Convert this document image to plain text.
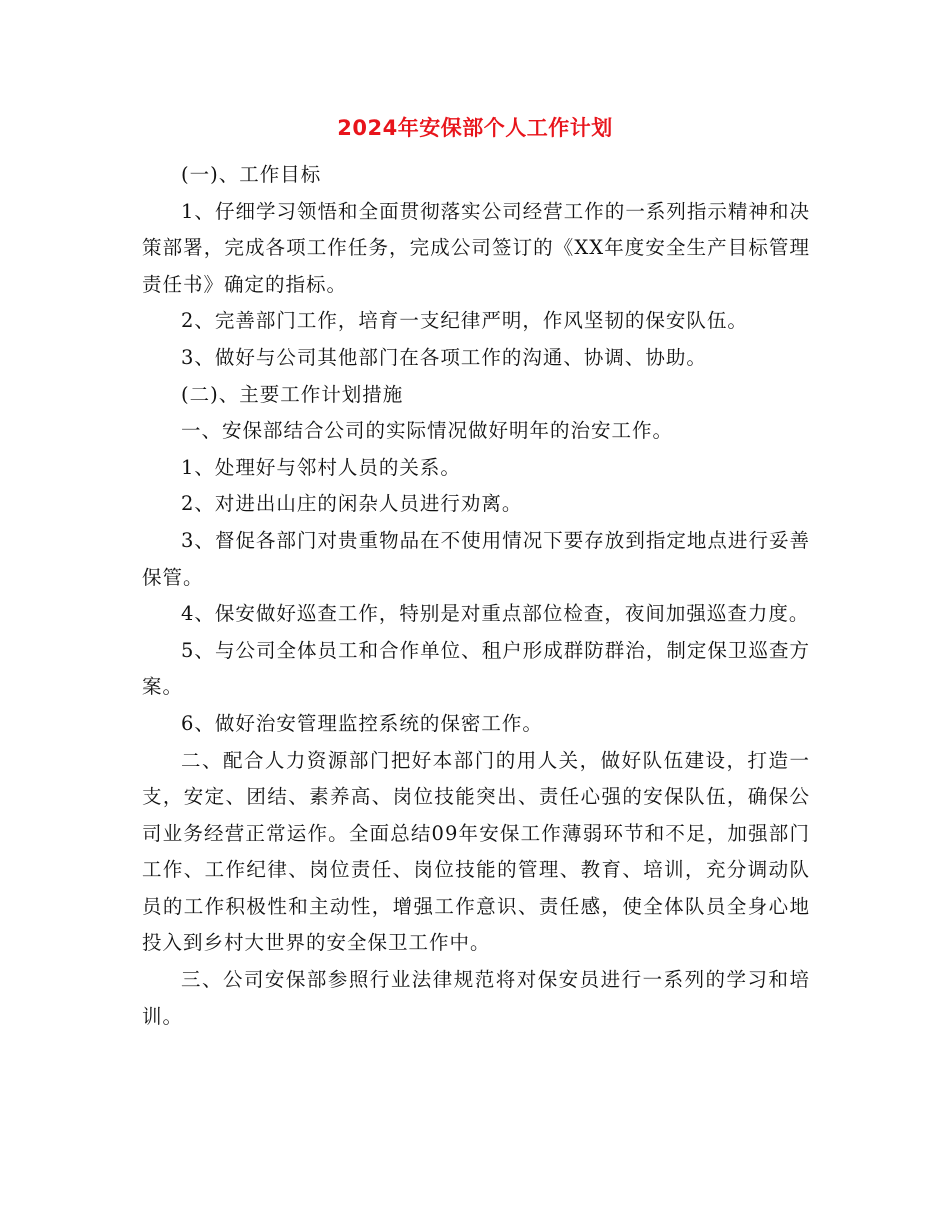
2024年安保部个人工作计划

(一)、工作目标

1、仔细学习领悟和全面贯彻落实公司经营工作的一系列指示精神和决策部署，完成各项工作任务，完成公司签订的《XX年度安全生产目标管理责任书》确定的指标。

2、完善部门工作，培育一支纪律严明，作风坚韧的保安队伍。

3、做好与公司其他部门在各项工作的沟通、协调、协助。

(二)、主要工作计划措施

一、安保部结合公司的实际情况做好明年的治安工作。

1、处理好与邻村人员的关系。

2、对进出山庄的闲杂人员进行劝离。

3、督促各部门对贵重物品在不使用情况下要存放到指定地点进行妥善保管。

4、保安做好巡查工作，特别是对重点部位检查，夜间加强巡查力度。

5、与公司全体员工和合作单位、租户形成群防群治，制定保卫巡查方案。

6、做好治安管理监控系统的保密工作。

二、配合人力资源部门把好本部门的用人关，做好队伍建设，打造一支，安定、团结、素养高、岗位技能突出、责任心强的安保队伍，确保公司业务经营正常运作。全面总结09年安保工作薄弱环节和不足，加强部门工作、工作纪律、岗位责任、岗位技能的管理、教育、培训，充分调动队员的工作积极性和主动性，增强工作意识、责任感，使全体队员全身心地投入到乡村大世界的安全保卫工作中。

三、公司安保部参照行业法律规范将对保安员进行一系列的学习和培训。
